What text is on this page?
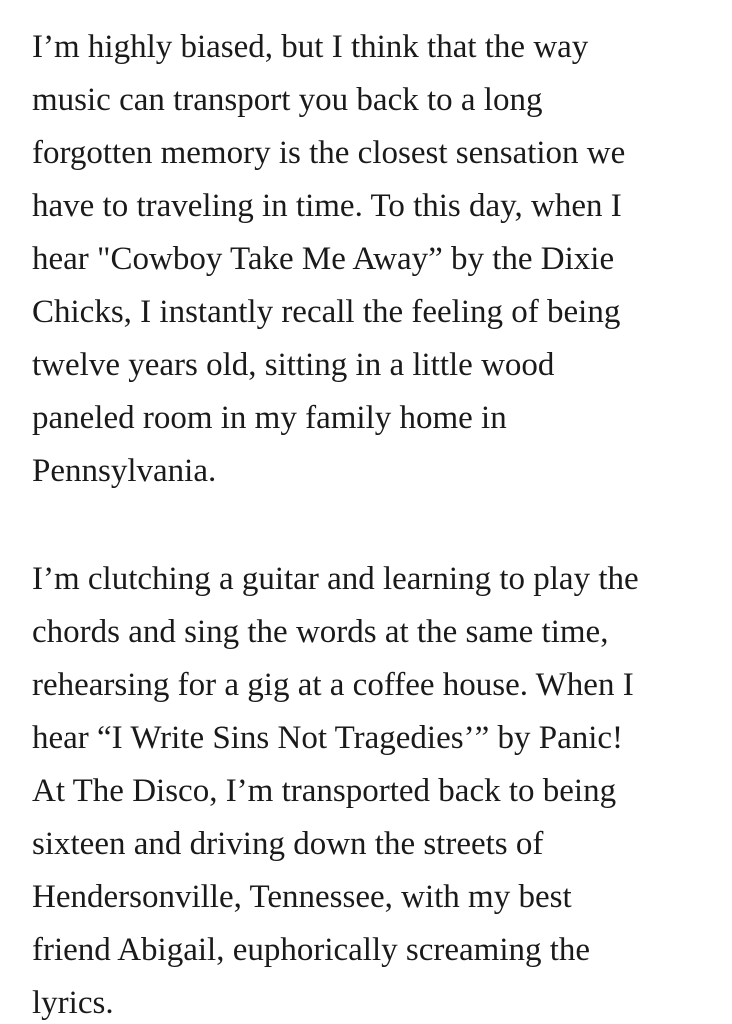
I’m highly biased, but I think that the way
music can transport you back to a long
forgotten memory is the closest sensation we
have to traveling in time. To this day, when I
hear "Cowboy Take Me Away” by the Dixie
Chicks, I instantly recall the feeling of being
twelve years old, sitting in a little wood
paneled room in my family home in
Pennsylvania.

I’m clutching a guitar and learning to play the
chords and sing the words at the same time,
rehearsing for a gig at a coffee house. When I
hear “I Write Sins Not Tragedies’” by Panic!
At The Disco, I’m transported back to being
sixteen and driving down the streets of
Hendersonville, Tennessee, with my best
friend Abigail, euphorically screaming the
lyrics.
